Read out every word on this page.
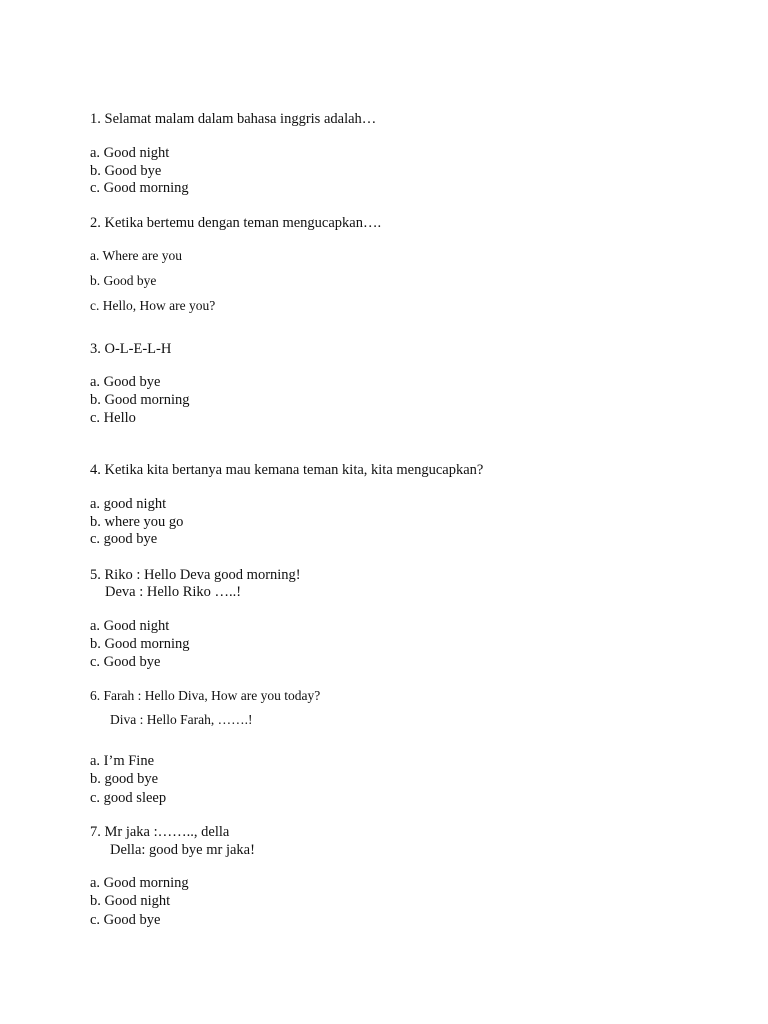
1. Selamat malam dalam bahasa inggris adalah…
a. Good night
b. Good bye
c. Good morning
2. Ketika bertemu dengan teman mengucapkan….
a. Where are you
b. Good bye
c. Hello, How are you?
3. O-L-E-L-H
a. Good bye
b. Good morning
c. Hello
4. Ketika kita bertanya mau kemana teman kita, kita mengucapkan?
a. good night
b. where you go
c. good bye
5. Riko : Hello Deva good morning!
Deva : Hello Riko …..!
a. Good night
b. Good morning
c. Good bye
6. Farah : Hello Diva, How are you today?
Diva : Hello Farah, …….!
a. I’m Fine
b. good bye
c. good sleep
7. Mr jaka :…….., della
Della: good bye mr jaka!
a. Good morning
b. Good night
c. Good bye
